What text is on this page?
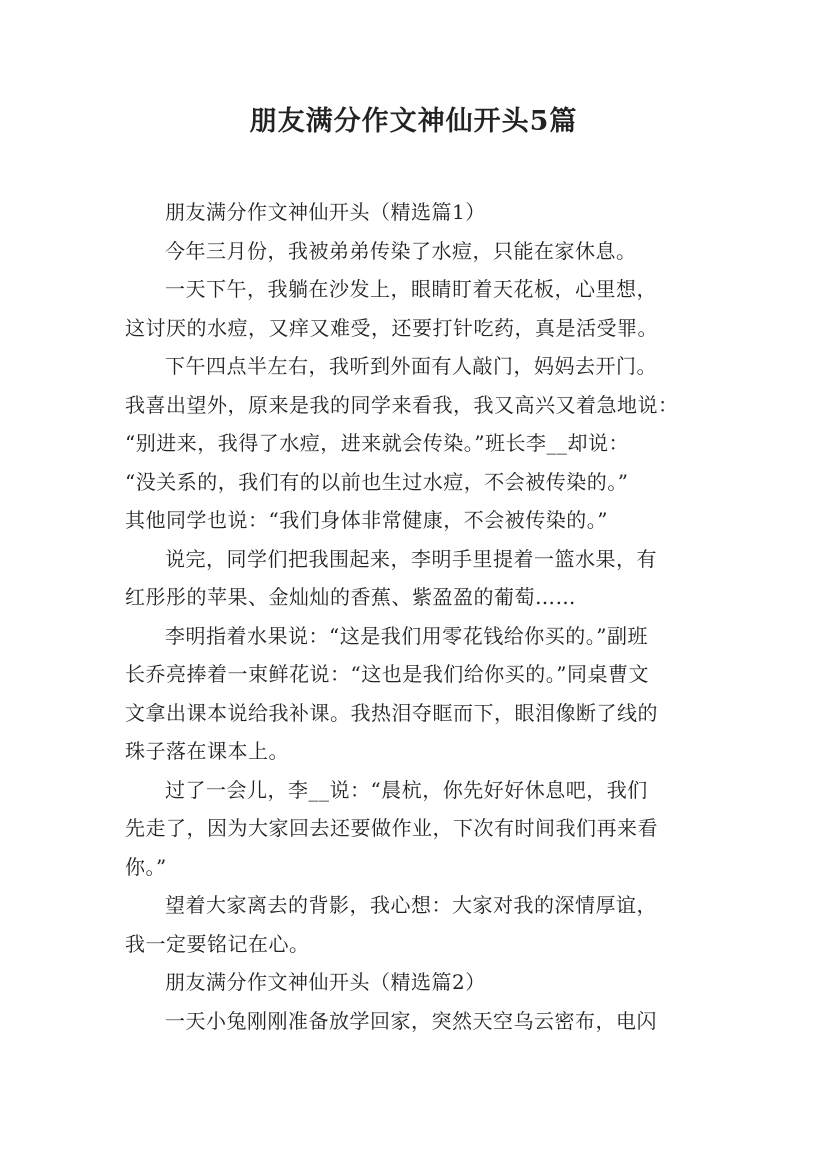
朋友满分作文神仙开头5篇

朋友满分作文神仙开头（精选篇1）

今年三月份，我被弟弟传染了水痘，只能在家休息。

一天下午，我躺在沙发上，眼睛盯着天花板，心里想，
这讨厌的水痘，又痒又难受，还要打针吃药，真是活受罪。

下午四点半左右，我听到外面有人敲门，妈妈去开门。
我喜出望外，原来是我的同学来看我，我又高兴又着急地说：
“别进来，我得了水痘，进来就会传染。”班长李__却说：
“没关系的，我们有的以前也生过水痘，不会被传染的。”
其他同学也说：“我们身体非常健康，不会被传染的。”

说完，同学们把我围起来，李明手里提着一篮水果，有
红彤彤的苹果、金灿灿的香蕉、紫盈盈的葡萄……

李明指着水果说：“这是我们用零花钱给你买的。”副班
长乔亮捧着一束鲜花说：“这也是我们给你买的。”同桌曹文
文拿出课本说给我补课。我热泪夺眶而下，眼泪像断了线的
珠子落在课本上。

过了一会儿，李__说：“晨杭，你先好好休息吧，我们
先走了，因为大家回去还要做作业，下次有时间我们再来看
你。”

望着大家离去的背影，我心想：大家对我的深情厚谊，
我一定要铭记在心。

朋友满分作文神仙开头（精选篇2）

一天小兔刚刚准备放学回家，突然天空乌云密布，电闪
